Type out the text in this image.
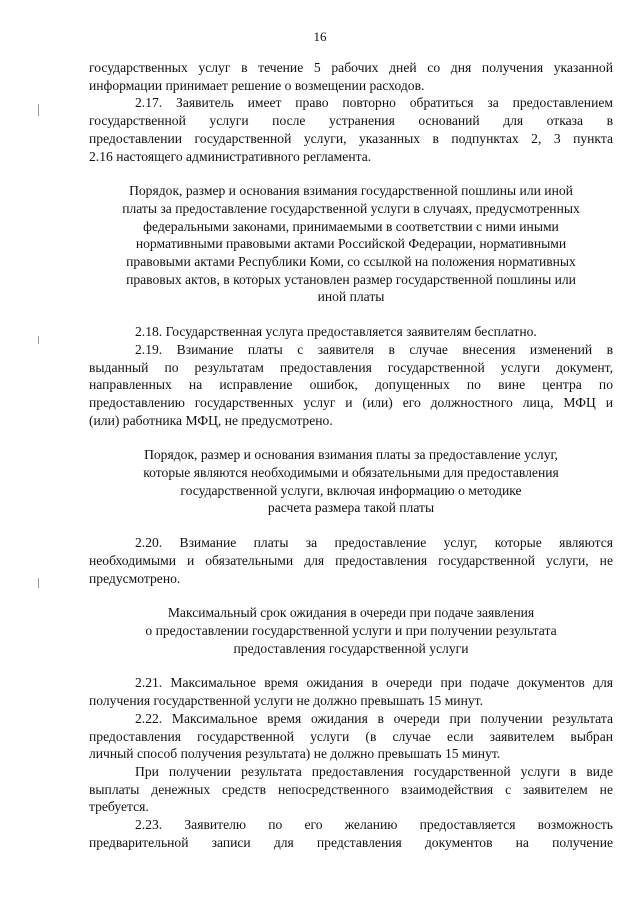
16
государственных услуг в течение 5 рабочих дней со дня получения указанной
информации принимает решение о возмещении расходов.
2.17. Заявитель имеет право повторно обратиться за предоставлением
государственной услуги после устранения оснований для отказа в
предоставлении государственной услуги, указанных в подпунктах 2, 3 пункта
2.16 настоящего административного регламента.
Порядок, размер и основания взимания государственной пошлины или иной
платы за предоставление государственной услуги в случаях, предусмотренных
федеральными законами, принимаемыми в соответствии с ними иными
нормативными правовыми актами Российской Федерации, нормативными
правовыми актами Республики Коми, со ссылкой на положения нормативных
правовых актов, в которых установлен размер государственной пошлины или
иной платы
2.18. Государственная услуга предоставляется заявителям бесплатно.
2.19. Взимание платы с заявителя в случае внесения изменений в
выданный по результатам предоставления государственной услуги документ,
направленных на исправление ошибок, допущенных по вине центра по
предоставлению государственных услуг и (или) его должностного лица, МФЦ и
(или) работника МФЦ, не предусмотрено.
Порядок, размер и основания взимания платы за предоставление услуг,
которые являются необходимыми и обязательными для предоставления
государственной услуги, включая информацию о методике
расчета размера такой платы
2.20. Взимание платы за предоставление услуг, которые являются
необходимыми и обязательными для предоставления государственной услуги, не
предусмотрено.
Максимальный срок ожидания в очереди при подаче заявления
о предоставлении государственной услуги и при получении результата
предоставления государственной услуги
2.21. Максимальное время ожидания в очереди при подаче документов для
получения государственной услуги не должно превышать 15 минут.
2.22. Максимальное время ожидания в очереди при получении результата
предоставления государственной услуги (в случае если заявителем выбран
личный способ получения результата) не должно превышать 15 минут.
При получении результата предоставления государственной услуги в виде
выплаты денежных средств непосредственного взаимодействия с заявителем не
требуется.
2.23. Заявителю по его желанию предоставляется возможность
предварительной записи для представления документов на получение
